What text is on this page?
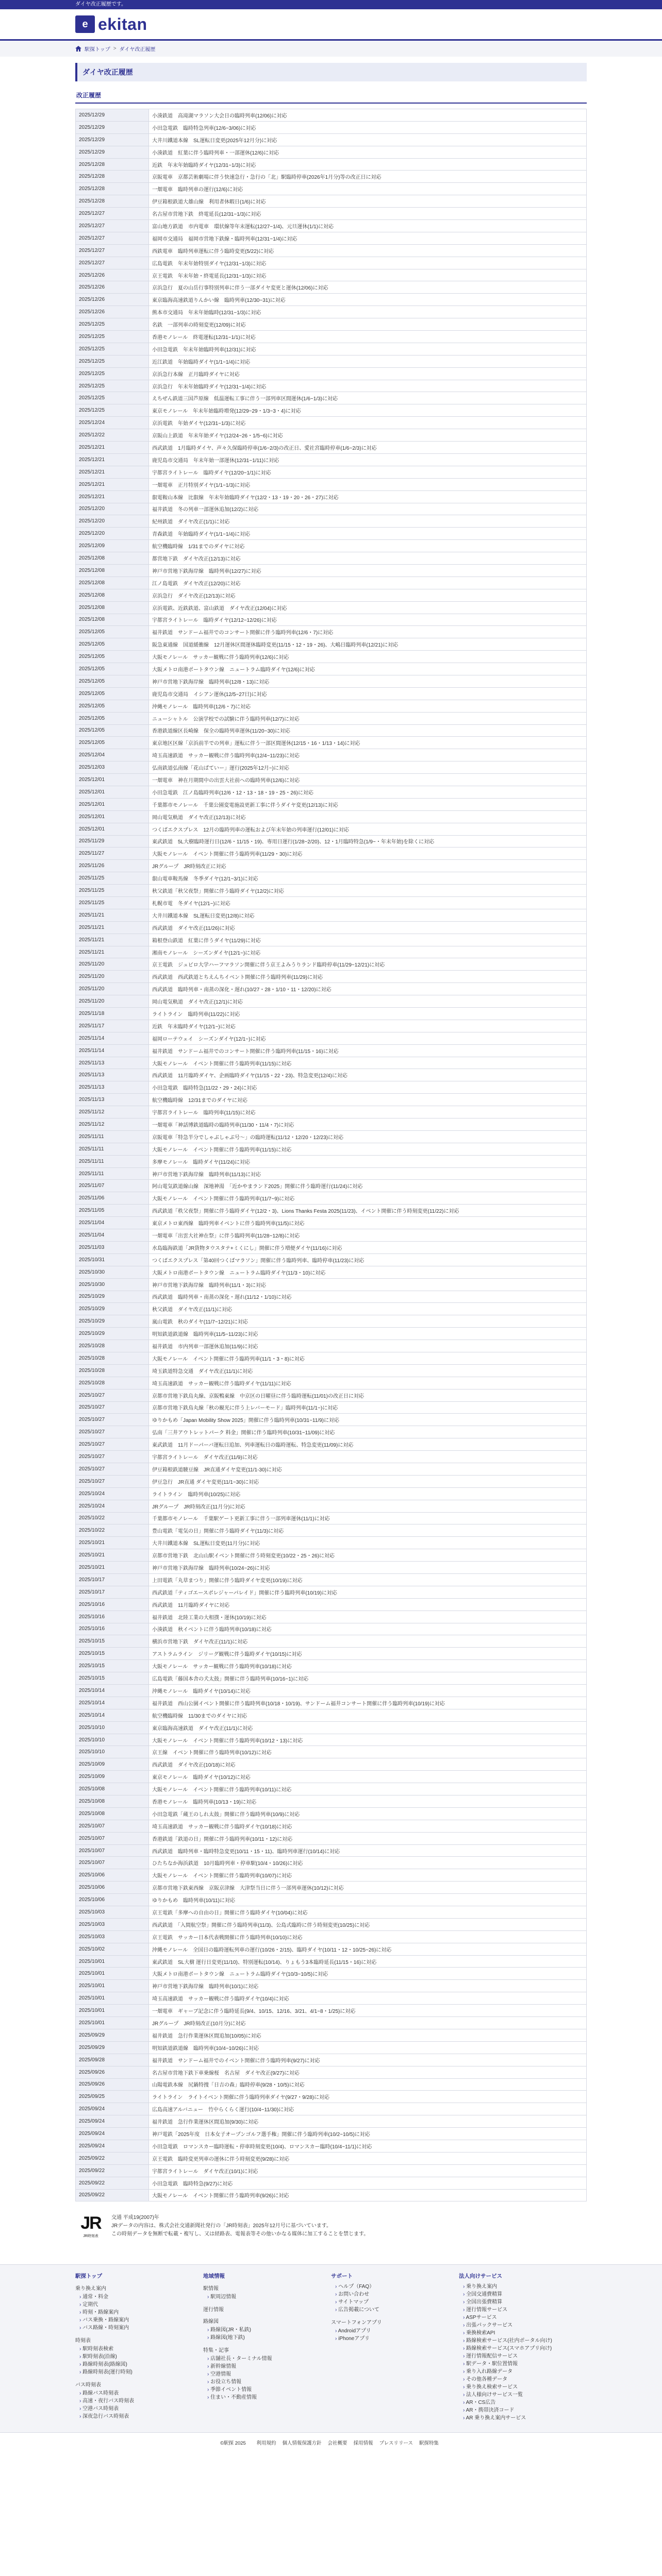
ダイヤ改正履歴です。
e ekitan
駅探トップ > ダイヤ改正履歴
ダイヤ改正履歴
改正履歴
2025/12/29	小湊鉄道　高滝湖マラソン大会日の臨時列車(12/06)に対応
2025/12/29	小田急電鉄　臨時特急列車(12/6~3/06)に対応
2025/12/29	大井川鐵道本線　SL運転日変更(2025年12月分)に対応
2025/12/29	小湊鉄道　紅葉に伴う臨時列車・一部運休(12/6)に対応
2025/12/28	近鉄　年末年始臨時ダイヤ(12/31~1/3)に対応
2025/12/28	京阪電車　京都芸術劇場に伴う快速急行・急行の「北」駅臨時停車(2026年1月分)等の改正日に対応
2025/12/28	一畑電車　臨時列車の運行(12/6)に対応
2025/12/28	伊豆箱根鉄道大雄山線　利用者休暇日(1/6)に対応
2025/12/27	名古屋市営地下鉄　終電延長(12/31~1/3)に対応
2025/12/27	富山地方鉄道　市内電車　環状線等年末運転(12/27~1/4)、元旦運休(1/1)に対応
2025/12/27	福岡市交通局　福岡市営地下鉄線・臨時列車(12/31~1/4)に対応
2025/12/27	西鉄電車　臨時列車運転に伴う臨時変更(5/22)に対応
2025/12/27	広島電鉄　年末年始特別ダイヤ(12/31~1/3)に対応
2025/12/26	京王電鉄　年末年始・終電延長(12/31~1/3)に対応
2025/12/26	京浜急行　夏の山岳行事特別列車に伴う一部ダイヤ変更と運休(12/06)に対応
2025/12/26	東京臨海高速鉄道りんかい線　臨時列車(12/30~31)に対応
2025/12/26	熊本市交通局　年末年始臨時(12/31~1/3)に対応
2025/12/25	名鉄　一部列車の時刻変更(12/09)に対応
2025/12/25	香港モノレール　終電運転(12/31~1/1)に対応
2025/12/25	小田急電鉄　年末年始臨時列車(12/31)に対応
2025/12/25	近江鉄道　年始臨時ダイヤ(1/1~1/4)に対応
2025/12/25	京浜急行本線　正月臨時ダイヤに対応
2025/12/25	京浜急行　年末年始臨時ダイヤ(12/31~1/4)に対応
2025/12/25	えちぜん鉄道三国芦原線　低温運転工事に伴う一部列車区間運休(1/6~1/3)に対応
2025/12/25	東京モノレール　年末年始臨時増発(12/29~29・1/3~3・4)に対応
2025/12/24	京浜電鉄　年始ダイヤ(12/31~1/3)に対応
2025/12/22	京阪山上鉄道　年末年始ダイヤ(12/24~26・1/5~6)に対応
2025/12/21	西武鉄道　1月臨時ダイヤ、声々久保臨時停車(1/6~2/3)の改正日、愛社宮臨時停車(1/6~2/3)に対応
2025/12/21	鹿児島市交通局　年末年始一部運休(12/31~1/11)に対応
2025/12/21	宇都宮ライトレール　臨時ダイヤ(12/20~1/1)に対応
2025/12/21	一畑電車　正月特別ダイヤ(1/1~1/3)に対応
2025/12/21	叡電鞍山本線　比叡線　年末年始臨時ダイヤ(12/2・13・19・20・26・27)に対応
2025/12/20	福井鉄道　冬の列車一部運休追加(12/2)に対応
2025/12/20	紀州鉄道　ダイヤ改正(1/1)に対応
2025/12/20	青森鉄道　年始臨時ダイヤ(1/1~1/4)に対応
2025/12/09	航空機臨時線　1/31までのダイヤに対応
2025/12/08	都営地下鉄　ダイヤ改正(12/13)に対応
2025/12/08	神戸市営地下鉄海岸線　臨時列車(12/27)に対応
2025/12/08	江ノ島電鉄　ダイヤ改正(12/20)に対応
2025/12/08	京浜急行　ダイヤ改正(12/13)に対応
2025/12/08	京浜電鉄、近鉄鉄道、富山鉄道　ダイヤ改正(12/04)に対応
2025/12/08	宇都宮ライトレール　臨時ダイヤ(12/12~12/26)に対応
2025/12/05	福井鉄道　サンドーム福井でのコンサート開催に伴う臨時列車(12/6・7)に対応
2025/12/05	阪急東通線　国道緩衝線　12月運休区間運休臨時変更(11/15・12・19・26)、大嶋日臨時列車(12/21)に対応
2025/12/05	大阪モノレール　サッカー観戦に伴う臨時列車(12/6)に対応
2025/12/05	大阪メトロ南港ポートタウン線　ニュートラム臨時ダイヤ(12/6)に対応
2025/12/05	神戸市営地下鉄海岸線　臨時列車(12/8・13)に対応
2025/12/05	鹿児島市交通局　イシアン運休(12/5~27日)に対応
2025/12/05	沖縄モノレール　臨時列車(12/6・7)に対応
2025/12/05	ニューシャトル　公演学校での試験に伴う臨時列車(12/7)に対応
2025/12/05	香港鉄道線区長崎線　保全の臨時列車運休(11/20~30)に対応
2025/12/05	東京地区区線「京浜前半での列車」運転に伴う一部区間運休(12/15・16・1/13・14)に対応
2025/12/04	埼玉高速鉄道　サッカー観戦に伴う臨時列車(12/4~11/23)に対応
2025/12/03	弘南鉄道弘南線「花山ぱていー」運行(2025年12月~)に対応
2025/12/01	一畑電車　神在月期間中の出雲大社前への臨時列車(12/6)に対応
2025/12/01	小田急電鉄　江ノ島臨時列車(12/6・12・13・18・19・25・26)に対応
2025/12/01	千葉都市モノレール　千葉公園変電施設更新工事に伴うダイヤ変更(12/13)に対応
2025/12/01	岡山電気軌道　ダイヤ改正(12/13)に対応
2025/12/01	つくばエクスプレス　12月の臨時列車の運転および年末年始の列車運行(12/01)に対応
2025/11/29	東武鉄道　5L大樹臨時運行日(12/6・11/15・19)、専用日運行(1/28~2/20)、12・1月臨時特急(1/9~・年末年始)を除くに対応
2025/11/27	大阪モノレール　イベント開催に伴う臨時列車(11/29・30)に対応
2025/11/26	JRグループ　JR時刻改正に対応
2025/11/25	叡山電車鞍馬線　冬季ダイヤ(12/1~3/1)に対応
2025/11/25	秋父鉄道「秋父夜祭」開催に伴う臨時ダイヤ(12/2)に対応
2025/11/25	札幌市電　冬ダイヤ(12/1~)に対応
2025/11/21	大井川鐵道本線　SL運転日変更(12/8)に対応
2025/11/21	西武鉄道　ダイヤ改正(11/26)に対応
2025/11/21	箱根登山鉄道　紅葉に伴うダイヤ(11/29)に対応
2025/11/21	湘南モノレール　シーズンダイヤ(12/1~)に対応
2025/11/20	京王電鉄　ジュビロ大学ハーフマラソン開催に伴う京王よみうりランド臨時停車(11/29~12/21)に対応
2025/11/20	西武鉄道　西武鉄道とちえんちイベント開催に伴う臨時列車(11/29)に対応
2025/11/20	西武鉄道　臨時列車・南蒸の深化・遅れ(10/27・28・1/10・11・12/20)に対応
2025/11/20	岡山電気軌道　ダイヤ改正(12/1)に対応
2025/11/18	ライトライン　臨時列車(11/22)に対応
2025/11/17	近鉄　年末臨時ダイヤ(12/1~)に対応
2025/11/14	福岡ローテウェイ　シーズンダイヤ(12/1~)に対応
2025/11/14	福井鉄道　サンドーム福井でのコンサート開催に伴う臨時列車(11/15・16)に対応
2025/11/13	大阪モノレール　イベント開催に伴う臨時列車(11/15)に対応
2025/11/13	西武鉄道　11月臨時ダイヤ、企画臨時ダイヤ(11/15・22・23)、特急変更(12/4)に対応
2025/11/13	小田急電鉄　臨時特急(11/22・29・24)に対応
2025/11/13	航空機臨時線　12/31までのダイヤに対応
2025/11/12	宇都宮ライトレール　臨時列車(11/15)に対応
2025/11/12	一畑電車「神話博鉄道臨時の臨時列車(11/30・11/4・7)に対応
2025/11/11	京阪電車「特急半分でしゃぶしゃぶ号～」の臨時運転(11/12・12/20・12/23)に対応
2025/11/11	大阪モノレール　イベント開催に伴う臨時列車(11/15)に対応
2025/11/11	多摩モノレール　臨時ダイヤ(11/24)に対応
2025/11/11	神戸市営地下鉄海岸線　臨時列車(11/13)に対応
2025/11/07	阿山電気鉄道線山線　深地神湯　「近かやまランド2025」開催に伴う臨時運行(11/24)に対応
2025/11/06	大阪モノレール　イベント開催に伴う臨時列車(11/7~9)に対応
2025/11/05	西武鉄道「秩父夜祭」開催に伴う臨時ダイヤ(12/2・3)、Lions Thanks Festa 2025(11/23)、イベント開催に伴う時刻変更(11/22)に対応
2025/11/04	東京メトロ東西線　臨時列車イベントに伴う臨時列車(11/5)に対応
2025/11/04	一畑電車「出雲大社神在祭」に伴う臨時列車(11/28~12/8)に対応
2025/11/03	水島臨海鉄道「JR貨物タウスタテ+ミくにし」開催に伴う増便ダイヤ(11/16)に対応
2025/10/31	つくばエクスプレス「第40回つくばマラソン」開催に伴う臨時列車、臨時停車(11/23)に対応
2025/10/30	大阪メトロ南港ポートタウン線　ニュートラム臨時ダイヤ(11/3・10)に対応
2025/10/30	神戸市営地下鉄海岸線　臨時列車(11/1・3)に対応
2025/10/29	西武鉄道　臨時列車・南蒸の深化・遅れ(11/12・1/10)に対応
2025/10/29	秋父鉄道　ダイヤ改正(11/1)に対応
2025/10/29	嵐山電鉄　秋のダイヤ(11/7~12/21)に対応
2025/10/29	明知鉄道鉄道線　臨時列車(11/5~11/23)に対応
2025/10/28	福井鉄道　市内列車一部運休追加(11/9)に対応
2025/10/28	大阪モノレール　イベント開催に伴う臨時列車(11/1・3・8)に対応
2025/10/28	埼玉鉄道特急交通　ダイヤ改正(11/1)に対応
2025/10/28	埼玉高速鉄道　サッカー観戦に伴う臨時ダイヤ(11/11)に対応
2025/10/27	京都市営地下鉄烏丸線、京阪鴨東線　中京区の日曜昼に伴う臨時運転(11/01)の改正日に対応
2025/10/27	京都市営地下鉄鳥丸線「秋の観光に伴う上レバーモード」臨時列車(11/1~)に対応
2025/10/27	ゆりかもめ「Japan Mobility Show 2025」開催に伴う臨時列車(10/31~11/9)に対応
2025/10/27	弘南「三井アウトレットパーク 料金」開催に伴う臨時列車(10/31~11/09)に対応
2025/10/27	東武鉄道　11月ドーパーバ運転日追加、列車運転日の臨時運転、特急変更(11/09)に対応
2025/10/27	宇都宮ライトレール　ダイヤ改正(11/9)に対応
2025/10/27	伊豆箱根鉄道駿豆線　JR直通ダイヤ変更(11/1-30)に対応
2025/10/27	伊豆急行　JR直通 ダイヤ変更(11/1~30)に対応
2025/10/24	ライトライン　臨時列車(10/25)に対応
2025/10/24	JRグループ　JR時刻改正(11月分)に対応
2025/10/22	千葉都市モノレール　千葉駅ゲート更新工事に伴う一部列車運休(11/1)に対応
2025/10/22	豊山電鉄「電気の日」開催に伴う臨時ダイヤ(11/3)に対応
2025/10/21	大井川鐵道本線　SL運転日変更(11月分)に対応
2025/10/21	京都市営地下鉄　北山山駅イベント開催に伴う時刻変更(10/22・25・26)に対応
2025/10/21	神戸市営地下鉄海岸線　臨時列車(10/24~26)に対応
2025/10/17	上田電鉄「丸草まつり」開催に伴う臨時ダイヤ変更(10/19)に対応
2025/10/17	西武鉄道「ティゴエースポレジャーパレイド」開催に伴う臨時列車(10/19)に対応
2025/10/16	西武鉄道　11月臨時ダイヤに対応
2025/10/16	福井鉄道　北陸工業の大相撲・運休(10/19)に対応
2025/10/16	小湊鉄道　秋イベントに伴う臨時列車(10/18)に対応
2025/10/15	横浜市営地下鉄　ダイヤ改正(11/1)に対応
2025/10/15	アストラムライン　ジリーグ観戦に伴う臨時ダイヤ(10/15)に対応
2025/10/15	大阪モノレール　サッカー観戦に伴う臨時列車(10/18)に対応
2025/10/15	広島電鉄「藤国本舎の犬太鼓」開催に伴う臨時列車(10/16~1)に対応
2025/10/14	沖縄モノレール　臨時ダイヤ(10/14)に対応
2025/10/14	福井鉄道　西山公園イベント開催に伴う臨時列車(10/18・10/19)、サンドーム福井コンサート開催に伴う臨時列車(10/19)に対応
2025/10/14	航空機臨時線　11/30までのダイヤに対応
2025/10/10	東京臨海高速鉄道　ダイヤ改正(11/1)に対応
2025/10/10	大阪モノレール　イベント開催に伴う臨時列車(10/12・13)に対応
2025/10/10	京王線　イベント開催に伴う臨時列車(10/12)に対応
2025/10/09	西武鉄道　ダイヤ改正(10/18)に対応
2025/10/09	東京モノレール　臨時ダイヤ(10/12)に対応
2025/10/08	大阪モノレール　イベント開催に伴う臨時列車(10/11)に対応
2025/10/08	香港モノレール　臨時列車(10/13・19)に対応
2025/10/08	小田急電鉄「蔵王のしれ太鼓」開催に伴う臨時列車(10/9)に対応
2025/10/07	埼玉高速鉄道　サッカー観戦に伴う臨時ダイヤ(10/18)に対応
2025/10/07	香港鉄道「鉄道の日」開催に伴う臨時列車(10/11・12)に対応
2025/10/07	西武鉄道　臨時列車・臨時特急変更(10/11・15・11)、臨時列車運行(10/14)に対応
2025/10/07	ひたちなか海浜鉄道　10月臨時列車・停車駅(10/4・10/26)に対応
2025/10/06	大阪モノレール　イベント開催に伴う臨時列車(10/07)に対応
2025/10/06	京都市営地下鉄東西線　京阪京津線　大津祭当日に伴う一部列車運休(10/12)に対応
2025/10/06	ゆりかもめ　臨時列車(10/11)に対応
2025/10/03	京王電鉄「多摩への自由の日」開催に伴う臨時ダイヤ(10/04)に対応
2025/10/03	西武鉄道　「入間航空祭」開催に伴う臨時列車(11/3)、公島式臨時に伴う時刻変更(10/25)に対応
2025/10/03	京王電鉄　サッカー日本代表戦開催に伴う臨時列車(10/10)に対応
2025/10/02	沖縄モノレール　全国日の臨時運転列車の運行(10/26・2/15)、臨時ダイヤ(10/11・12・10/25~26)に対応
2025/10/01	東武鉄道　SL大樹 運行日変更(11/10)、特別運転(10/14)、りょもう3本臨時延長(11/15・16)に対応
2025/10/01	大阪メトロ南港ポートタウン線　ニュートラム臨時ダイヤ(10/3~10/5)に対応
2025/10/01	神戸市営地下鉄海岸線　臨時列車(10/1)に対応
2025/10/01	埼玉高速鉄道　サッカー観戦に伴う臨時ダイヤ(10/4)に対応
2025/10/01	一畑電車　ギャーブ記念に伴う臨時延長(9/4、10/15、12/16、3/21、4/1~8・1/25)に対応
2025/10/01	JRグループ　JR時刻改正(10月分)に対応
2025/09/29	福井鉄道　急行作業運休区間追加(10/05)に対応
2025/09/29	明知鉄道鉄道線　臨時列車(10/4~10/26)に対応
2025/09/28	福井鉄道　サンドーム福井でのイベント開催に伴う臨時列車(9/27)に対応
2025/09/26	名古屋市営地下鉄下車乗線桜　名古屋　ダイヤ改正(9/27)に対応
2025/09/26	山陽電鉄本線　尻鍋特捜「日吉の森」臨時停車(9/28・10/5)に対応
2025/09/25	ライトライン　ライトイベント開催に伴う臨時列車ダイヤ(9/27・9/28)に対応
2025/09/24	広島高速アルバニュー　竹中らくらく運行(10/4~11/30)に対応
2025/09/24	福井鉄道　急行作業運休区間追加(9/30)に対応
2025/09/24	神戸電鉄「2025年度　日本女子オープンゴルフ選手権」開催に伴う臨時列車(10/2~10/5)に対応
2025/09/24	小田急電鉄　ロマンスカー臨時運転・停車時刻変更(10/4)、ロマンスカー臨時(10/4~11/1)に対応
2025/09/22	京王電鉄　臨時変更列車の運休に伴う時刻変更(9/28)に対応
2025/09/22	宇都宮ライトレール　ダイヤ改正(10/1)に対応
2025/09/22	小田急電鉄　臨時特急(9/27)に対応
2025/09/22	大阪モノレール　イベント開催に伴う臨時列車(9/26)に対応
JR
JR時刻表
交通 平成19(2007)年
JRデータの内容は、株式会社交通新聞社発行の「JR時刻表」2025年12月号に基づいています。
この時刻データを無断で転載・複写し、又は経路表、電報表等その他いかなる媒体に加工することを禁じます。
駅探トップ
乗り換え案内
› 通常・料金
› 定期代
› 時刻・路線案内
› バス乗換・路線案内
› バス路線・時刻案内
時刻表
› 駅時刻表検索
› 駅時刻表(沿線)
› 路線時刻表(路線図)
› 路線時刻表(運行時刻)
バス時刻表
› 路線バス時刻表
› 高速・夜行バス時刻表
› 空港バス時刻表
› 深夜急行バス時刻表
地域情報
駅情報
› 駅周辺情報
運行情報
路線図
› 路線図(JR・私鉄)
› 路線図(地下鉄)
特集・記事
› 店舗社長・ターミナル情報
› 新幹線情報
› 空港情報
› お役立ち情報
› 季節イベント情報
› 住まい・不動産情報
サポート
› ヘルプ（FAQ）
› お問い合わせ
› サイトマップ
› 広告掲載について
スマートフォンアプリ
› Androidアプリ
› iPhoneアプリ
法人向けサービス
› 乗り換え案内
› 全国交通費精算
› 全国出張費精算
› 運行情報サービス
› ASPサービス
› 出張パックサービス
› 乗換検索API
› 路線検索サービス(社内ポータル向け)
› 路線検索サービス(スマホアプリ向け)
› 運行情報配信サービス
› 駅データ・駅位置情報
› 乗り入れ路線データ
› その他各種データ
› 乗り換え検索サービス
› 法人様向けサービス一覧
› AR・CS広告
› AR・携帯決済コード
› AR 乗り換え案内サービス
©駅探 2025 利用規約 個人情報保護方針 会社概要 採用情報 プレスリリース 駅探特集
